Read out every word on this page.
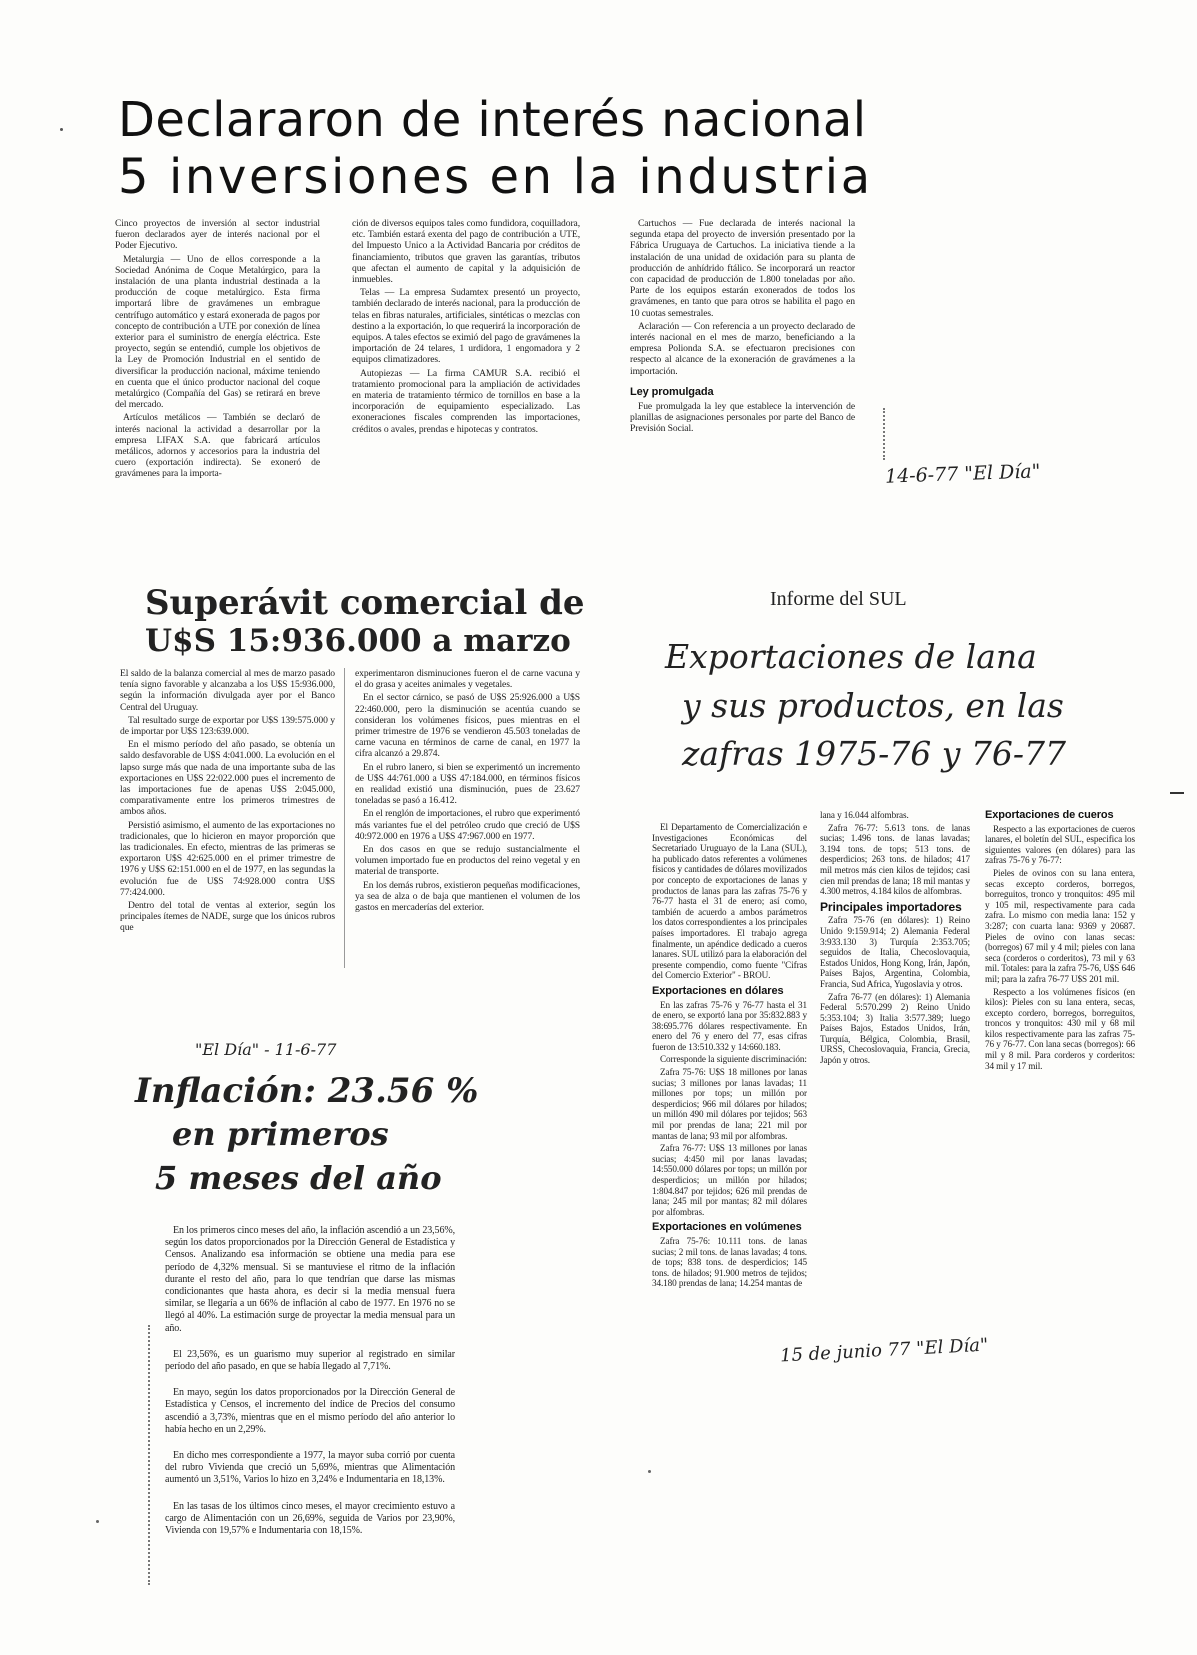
Declararon de interés nacional
5 inversiones en la industria

Cinco proyectos de inversión al sector industrial fueron declarados ayer de interés nacional por el Poder Ejecutivo.

Metalurgia — Uno de ellos corresponde a la Sociedad Anónima de Coque Metalúrgico, para la instalación de una planta industrial destinada a la producción de coque metalúrgico. Esta firma importará libre de gravámenes un embrague centrífugo automático y estará exonerada de pagos por concepto de contribución a UTE por conexión de línea exterior para el suministro de energía eléctrica. Este proyecto, según se entendió, cumple los objetivos de la Ley de Promoción Industrial en el sentido de diversificar la producción nacional, máxime teniendo en cuenta que el único productor nacional del coque metalúrgico (Compañía del Gas) se retirará en breve del mercado.

Artículos metálicos — También se declaró de interés nacional la actividad a desarrollar por la empresa LIFAX S.A. que fabricará artículos metálicos, adornos y accesorios para la industria del cuero (exportación indirecta). Se exoneró de gravámenes para la importa-

ción de diversos equipos tales como fundidora, coquilladora, etc. También estará exenta del pago de contribución a UTE, del Impuesto Unico a la Actividad Bancaria por créditos de financiamiento, tributos que graven las garantías, tributos que afectan el aumento de capital y la adquisición de inmuebles.

Telas — La empresa Sudamtex presentó un proyecto, también declarado de interés nacional, para la producción de telas en fibras naturales, artificiales, sintéticas o mezclas con destino a la exportación, lo que requerirá la incorporación de equipos. A tales efectos se eximió del pago de gravámenes la importación de 24 telares, 1 urdidora, 1 engomadora y 2 equipos climatizadores.

Autopiezas — La firma CAMUR S.A. recibió el tratamiento promocional para la ampliación de actividades en materia de tratamiento térmico de tornillos en base a la incorporación de equipamiento especializado. Las exoneraciones fiscales comprenden las importaciones, créditos o avales, prendas e hipotecas y contratos.

Cartuchos — Fue declarada de interés nacional la segunda etapa del proyecto de inversión presentado por la Fábrica Uruguaya de Cartuchos. La iniciativa tiende a la instalación de una unidad de oxidación para su planta de producción de anhídrido ftálico. Se incorporará un reactor con capacidad de producción de 1.800 toneladas por año. Parte de los equipos estarán exonerados de todos los gravámenes, en tanto que para otros se habilita el pago en 10 cuotas semestrales.

Aclaración — Con referencia a un proyecto declarado de interés nacional en el mes de marzo, beneficiando a la empresa Polionda S.A. se efectuaron precisiones con respecto al alcance de la exoneración de gravámenes a la importación.

Ley promulgada

Fue promulgada la ley que establece la intervención de planillas de asignaciones personales por parte del Banco de Previsión Social.

14-6-77 "El Día"
Superávit comercial de
U$S 15:936.000 a marzo

El saldo de la balanza comercial al mes de marzo pasado tenía signo favorable y alcanzaba a los U$S 15:936.000, según la información divulgada ayer por el Banco Central del Uruguay.

Tal resultado surge de exportar por U$S 139:575.000 y de importar por U$S 123:639.000.

En el mismo período del año pasado, se obtenía un saldo desfavorable de U$S 4:041.000. La evolución en el lapso surge más que nada de una importante suba de las exportaciones en U$S 22:022.000 pues el incremento de las importaciones fue de apenas U$S 2:045.000, comparativamente entre los primeros trimestres de ambos años.

Persistió asimismo, el aumento de las exportaciones no tradicionales, que lo hicieron en mayor proporción que las tradicionales. En efecto, mientras de las primeras se exportaron U$S 42:625.000 en el primer trimestre de 1976 y U$S 62:151.000 en el de 1977, en las segundas la evolución fue de U$S 74:928.000 contra U$S 77:424.000.

Dentro del total de ventas al exterior, según los principales ítemes de NADE, surge que los únicos rubros que

experimentaron disminuciones fueron el de carne vacuna y el do grasa y aceites animales y vegetales.

En el sector cárnico, se pasó de U$S 25:926.000 a U$S 22:460.000, pero la disminución se acentúa cuando se consideran los volúmenes físicos, pues mientras en el primer trimestre de 1976 se vendieron 45.503 toneladas de carne vacuna en términos de carne de canal, en 1977 la cifra alcanzó a 29.874.

En el rubro lanero, si bien se experimentó un incremento de U$S 44:761.000 a U$S 47:184.000, en términos físicos en realidad existió una disminución, pues de 23.627 toneladas se pasó a 16.412.

En el renglón de importaciones, el rubro que experimentó más variantes fue el del petróleo crudo que creció de U$S 40:972.000 en 1976 a U$S 47:967.000 en 1977.

En dos casos en que se redujo sustancialmente el volumen importado fue en productos del reino vegetal y en material de transporte.

En los demás rubros, existieron pequeñas modificaciones, ya sea de alza o de baja que mantienen el volumen de los gastos en mercaderías del exterior.

"El Día" - 11-6-77
Inflación: 23.56 %
en primeros
5 meses del año

En los primeros cinco meses del año, la inflación ascendió a un 23,56%, según los datos proporcionados por la Dirección General de Estadística y Censos. Analizando esa información se obtiene una media para ese período de 4,32% mensual. Si se mantuviese el ritmo de la inflación durante el resto del año, para lo que tendrían que darse las mismas condicionantes que hasta ahora, es decir si la media mensual fuera similar, se llegaría a un 66% de inflación al cabo de 1977. En 1976 no se llegó al 40%. La estimación surge de proyectar la media mensual para un año.

El 23,56%, es un guarismo muy superior al registrado en similar período del año pasado, en que se había llegado al 7,71%.

En mayo, según los datos proporcionados por la Dirección General de Estadística y Censos, el incremento del índice de Precios del consumo ascendió a 3,73%, mientras que en el mismo período del año anterior lo había hecho en un 2,29%.

En dicho mes correspondiente a 1977, la mayor suba corrió por cuenta del rubro Vivienda que creció un 5,69%, mientras que Alimentación aumentó un 3,51%, Varios lo hizo en 3,24% e Indumentaria en 18,13%.

En las tasas de los últimos cinco meses, el mayor crecimiento estuvo a cargo de Alimentación con un 26,69%, seguida de Varios por 23,90%, Vivienda con 19,57% e Indumentaria con 18,15%.

Informe del SUL
Exportaciones de lana
y sus productos, en las
zafras 1975-76 y 76-77

El Departamento de Comercialización e Investigaciones Económicas del Secretariado Uruguayo de la Lana (SUL), ha publicado datos referentes a volúmenes físicos y cantidades de dólares movilizados por concepto de exportaciones de lanas y productos de lanas para las zafras 75-76 y 76-77 hasta el 31 de enero; así como, también de acuerdo a ambos parámetros los datos correspondientes a los principales países importadores. El trabajo agrega finalmente, un apéndice dedicado a cueros lanares. SUL utilizó para la elaboración del presente compendio, como fuente "Cifras del Comercio Exterior" - BROU.

Exportaciones en dólares

En las zafras 75-76 y 76-77 hasta el 31 de enero, se exportó lana por 35:832.883 y 38:695.776 dólares respectivamente. En enero del 76 y enero del 77, esas cifras fueron de 13:510.332 y 14:660.183.

Corresponde la siguiente discriminación:

Zafra 75-76: U$S 18 millones por lanas sucias; 3 millones por lanas lavadas; 11 millones por tops; un millón por desperdicios; 966 mil dólares por hilados; un millón 490 mil dólares por tejidos; 563 mil por prendas de lana; 221 mil por mantas de lana; 93 mil por alfombras.

Zafra 76-77: U$S 13 millones por lanas sucias; 4:450 mil por lanas lavadas; 14:550.000 dólares por tops; un millón por desperdicios; un millón por hilados; 1:804.847 por tejidos; 626 mil prendas de lana; 245 mil por mantas; 82 mil dólares por alfombras.

Exportaciones en volúmenes

Zafra 75-76: 10.111 tons. de lanas sucias; 2 mil tons. de lanas lavadas; 4 tons. de tops; 838 tons. de desperdicios; 145 tons. de hilados; 91.900 metros de tejidos; 34.180 prendas de lana; 14.254 mantas de

lana y 16.044 alfombras.

Zafra 76-77: 5.613 tons. de lanas sucias; 1.496 tons. de lanas lavadas; 3.194 tons. de tops; 513 tons. de desperdicios; 263 tons. de hilados; 417 mil metros más cien kilos de tejidos; casi cien mil prendas de lana; 18 mil mantas y 4.300 metros, 4.184 kilos de alfombras.

Principales importadores

Zafra 75-76 (en dólares): 1) Reino Unido 9:159.914; 2) Alemania Federal 3:933.130 3) Turquía 2:353.705; seguidos de Italia, Checoslovaquia, Estados Unidos, Hong Kong, Irán, Japón, Países Bajos, Argentina, Colombia, Francia, Sud Africa, Yugoslavia y otros.

Zafra 76-77 (en dólares): 1) Alemania Federal 5:570.299 2) Reino Unido 5:353.104; 3) Italia 3:577.389; luego Países Bajos, Estados Unidos, Irán, Turquía, Bélgica, Colombia, Brasil, URSS, Checoslovaquia, Francia, Grecia, Japón y otros.

Exportaciones de cueros

Respecto a las exportaciones de cueros lanares, el boletín del SUL, especifica los siguientes valores (en dólares) para las zafras 75-76 y 76-77:

Pieles de ovinos con su lana entera, secas excepto corderos, borregos, borreguitos, tronco y tronquitos: 495 mil y 105 mil, respectivamente para cada zafra. Lo mismo con media lana: 152 y 3:287; con cuarta lana: 9369 y 20687. Pieles de ovino con lanas secas: (borregos) 67 mil y 4 mil; pieles con lana seca (corderos o corderitos), 73 mil y 63 mil. Totales: para la zafra 75-76, U$S 646 mil; para la zafra 76-77 U$S 201 mil.

Respecto a los volúmenes físicos (en kilos): Pieles con su lana entera, secas, excepto cordero, borregos, borreguitos, troncos y tronquitos: 430 mil y 68 mil kilos respectivamente para las zafras 75-76 y 76-77. Con lana secas (borregos): 66 mil y 8 mil. Para corderos y corderitos: 34 mil y 17 mil.

15 de junio 77 "El Día"
